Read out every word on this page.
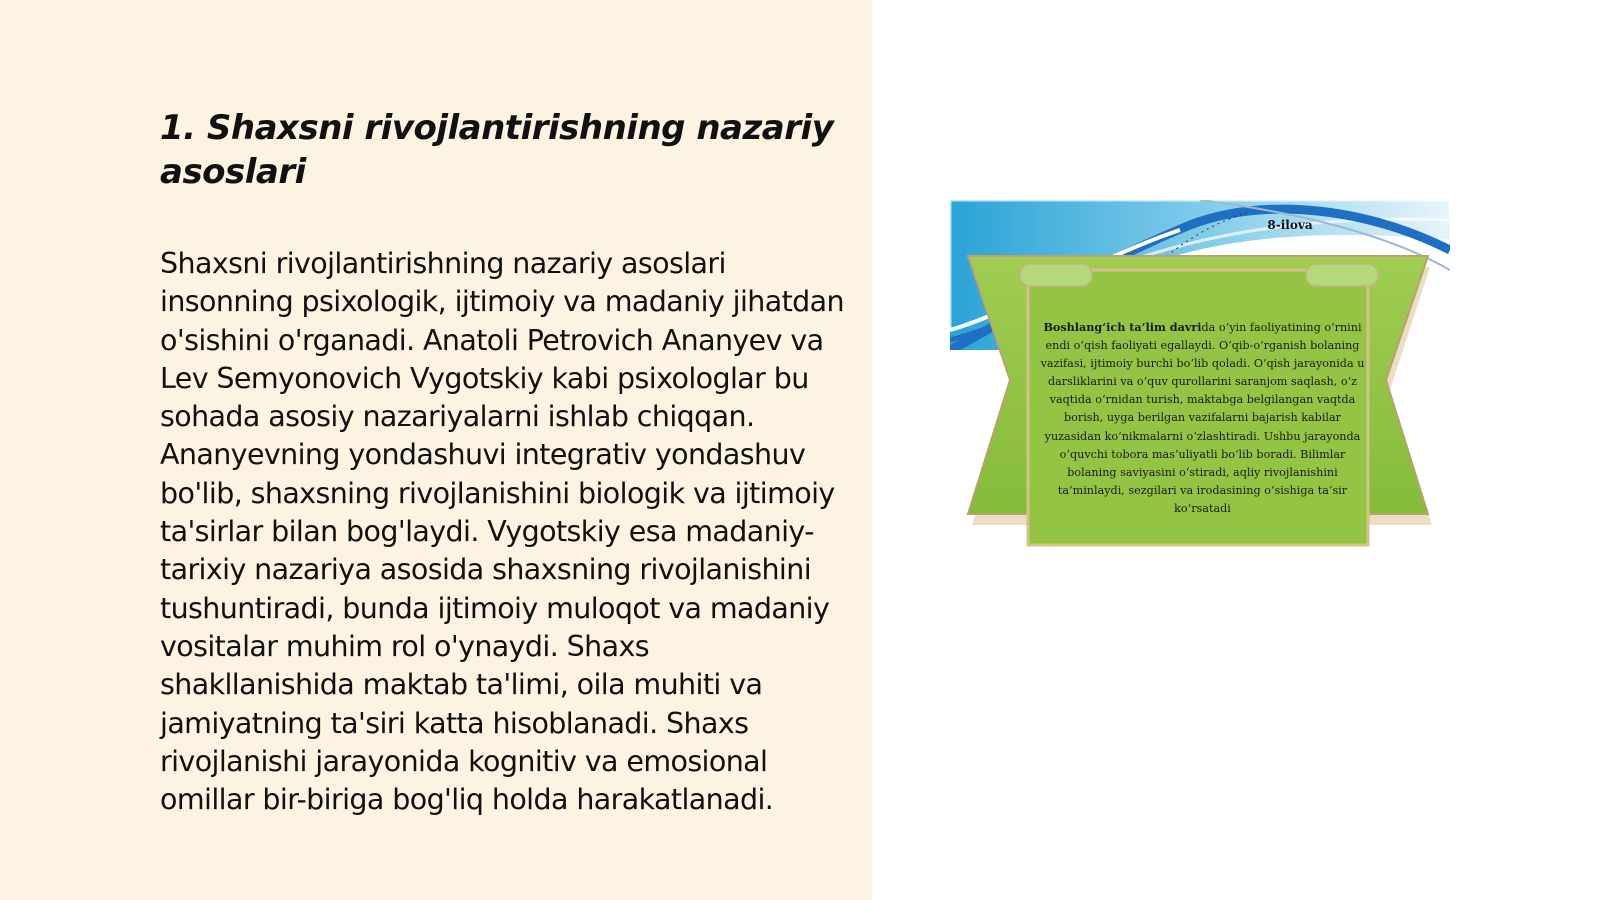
1. Shaxsni rivojlantirishning nazariy asoslari

Shaxsni rivojlantirishning nazariy asoslari insonning psixologik, ijtimoiy va madaniy jihatdan o'sishini o'rganadi. Anatoli Petrovich Ananyev va Lev Semyonovich Vygotskiy kabi psixologlar bu sohada asosiy nazariyalarni ishlab chiqqan. Ananyevning yondashuvi integrativ yondashuv bo'lib, shaxsning rivojlanishini biologik va ijtimoiy ta'sirlar bilan bog'laydi. Vygotskiy esa madaniy-tarixiy nazariya asosida shaxsning rivojlanishini tushuntiradi, bunda ijtimoiy muloqot va madaniy vositalar muhim rol o'ynaydi. Shaxs shakllanishida maktab ta'limi, oila muhiti va jamiyatning ta'siri katta hisoblanadi. Shaxs rivojlanishi jarayonida kognitiv va emosional omillar bir-biriga bog'liq holda harakatlanadi.

8-ilova

Boshlang‘ich ta’lim davrida o‘yin faoliyatining o‘rnini endi o‘qish faoliyati egallaydi. O‘qib-o‘rganish bolaning vazifasi, ijtimoiy burchi bo‘lib qoladi. O‘qish jarayonida u darsliklarini va o‘quv qurollarini saranjom saqlash, o‘z vaqtida o‘rnidan turish, maktabga belgilangan vaqtda borish, uyga berilgan vazifalarni bajarish kabilar yuzasidan ko‘nikmalarni o‘zlashtiradi. Ushbu jarayonda o‘quvchi tobora mas’uliyatli bo‘lib boradi. Bilimlar bolaning saviyasini o‘stiradi, aqliy rivojlanishini ta’minlaydi, sezgilari va irodasining o‘sishiga ta’sir ko‘rsatadi
